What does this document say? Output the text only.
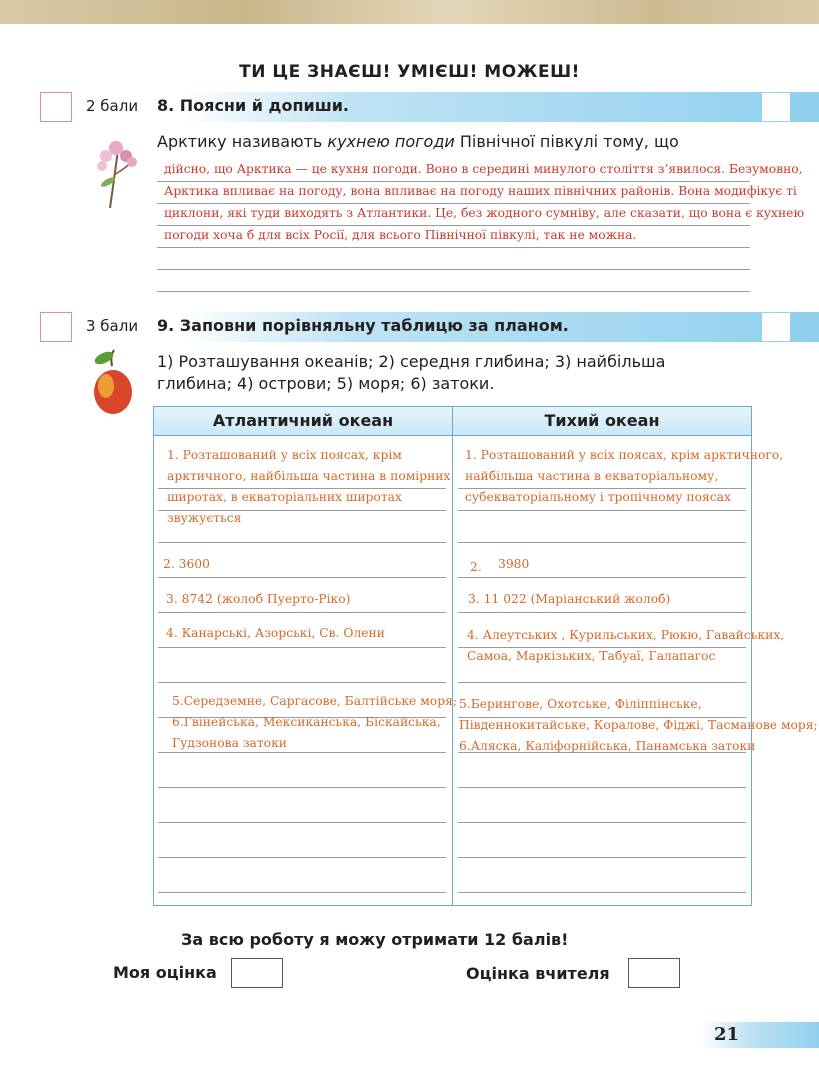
ТИ ЦЕ ЗНАЄШ! УМІЄШ! МОЖЕШ!
2 бали 8. Поясни й допиши.
Арктику називають кухнею погоди Північної півкулі тому, що
дійсно, що Арктика — це кухня погоди. Воно в середині минулого століття з’явилося. Безумовно,
Арктика впливає на погоду, вона впливає на погоду наших північних районів. Вона модифікує ті
циклони, які туди виходять з Атлантики. Це, без жодного сумніву, але сказати, що вона є кухнею
погоди хоча б для всіх Росії, для всього Північної півкулі, так не можна.
3 бали 9. Заповни порівняльну таблицю за планом.
1) Розташування океанів; 2) середня глибина; 3) найбільша
глибина; 4) острови; 5) моря; 6) затоки.
Атлантичний океан	Тихий океан
1. Розташований у всіх поясах, крім
арктичного, найбільша частина в помірних
широтах, в екваторіальних широтах
звужується
2. 3600
3. 8742 (жолоб Пуерто-Ріко)
4. Канарські, Азорські, Св. Олени
5.Середземне, Саргасове, Балтійське моря;
6.Гвінейська, Мексиканська, Біскайська,
Гудзонова затоки
1. Розташований у всіх поясах, крім арктичного,
найбільша частина в екваторіальному,
субекваторіальному і тропічному поясах
2. 3980
3. 11 022 (Маріанський жолоб)
4. Алеутських , Курильських, Рюкю, Гавайських,
Самоа, Маркізьких, Табуаї, Галапагос
5.Берингове, Охотське, Філіппінське,
Південнокитайське, Коралове, Фіджі, Тасманове моря;
6.Аляска, Каліфорнійська, Панамська затоки
За всю роботу я можу отримати 12 балів!
Моя оцінка	Оцінка вчителя
21
